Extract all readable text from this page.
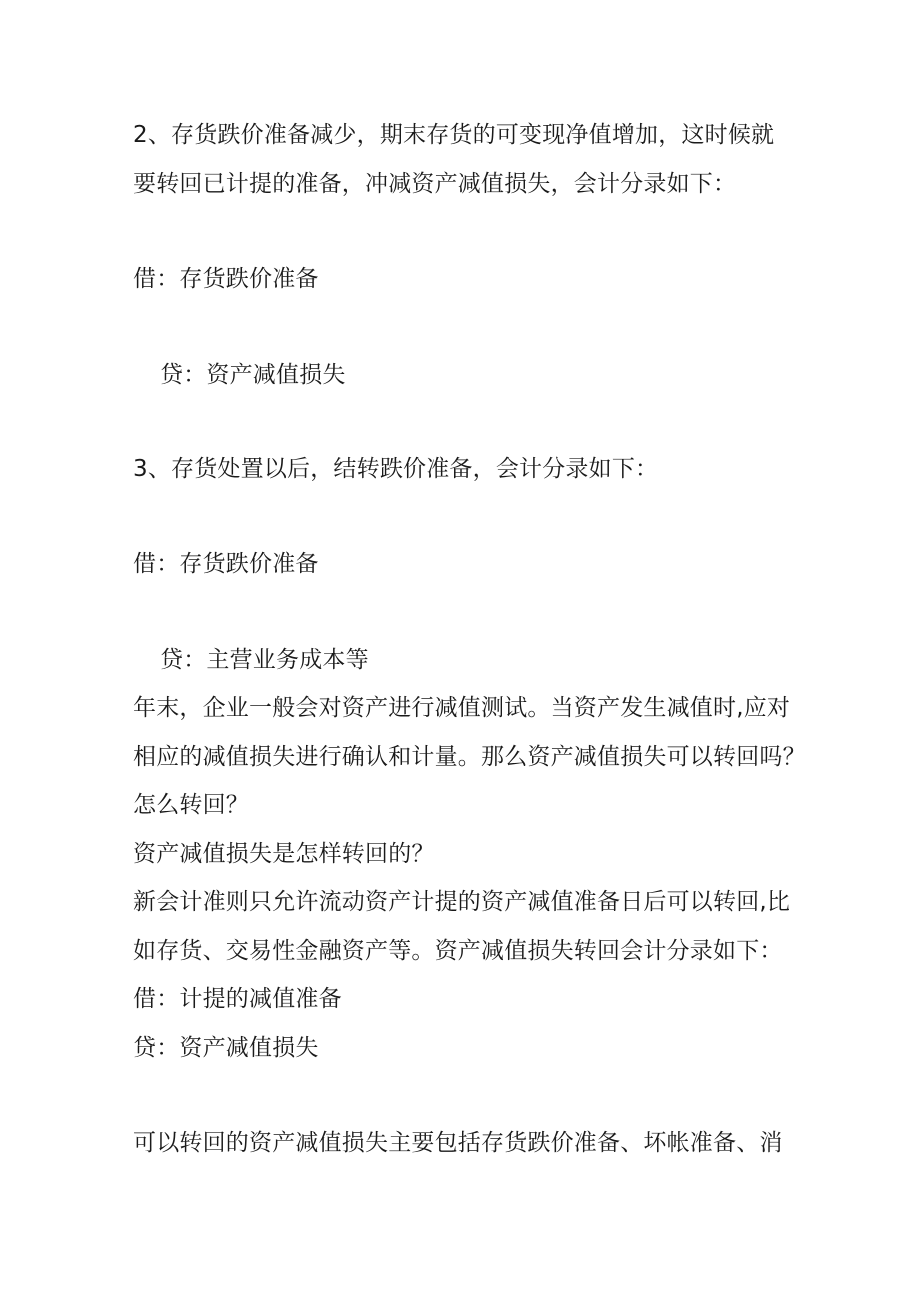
2、存货跌价准备减少，期末存货的可变现净值增加，这时候就
要转回已计提的准备，冲减资产减值损失，会计分录如下：
借：存货跌价准备
贷：资产减值损失
3、存货处置以后，结转跌价准备，会计分录如下：
借：存货跌价准备
贷：主营业务成本等
年末，企业一般会对资产进行减值测试。当资产发生减值时,应对
相应的减值损失进行确认和计量。那么资产减值损失可以转回吗？
怎么转回？
资产减值损失是怎样转回的？
新会计准则只允许流动资产计提的资产减值准备日后可以转回,比
如存货、交易性金融资产等。资产减值损失转回会计分录如下：
借：计提的减值准备
贷：资产减值损失
可以转回的资产减值损失主要包括存货跌价准备、坏帐准备、消
